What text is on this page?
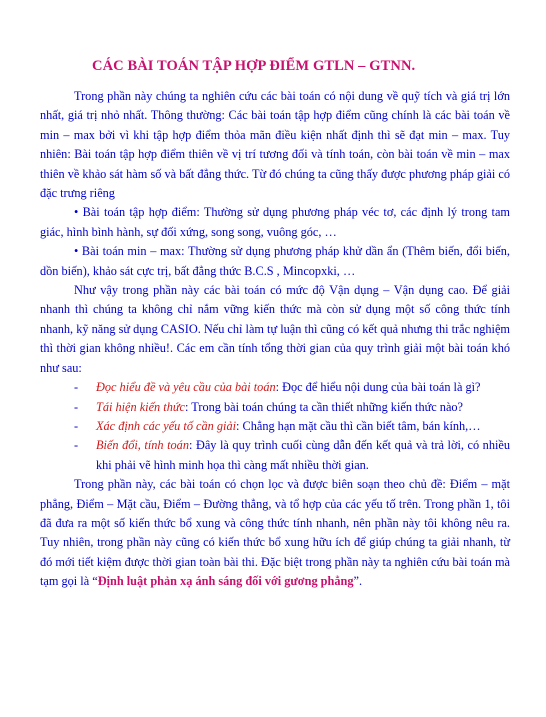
CÁC BÀI TOÁN TẬP HỢP ĐIỂM GTLN – GTNN.

Trong phần này chúng ta nghiên cứu các bài toán có nội dung về quỹ tích và giá trị lớn nhất, giá trị nhỏ nhất. Thông thường: Các bài toán tập hợp điểm cũng chính là các bài toán về min – max bởi vì khi tập hợp điểm thỏa mãn điều kiện nhất định thì sẽ đạt min – max. Tuy nhiên: Bài toán tập hợp điểm thiên về vị trí tương đối và tính toán, còn bài toán về min – max thiên về khảo sát hàm số và bất đẳng thức. Từ đó chúng ta cũng thấy được phương pháp giải có đặc trưng riêng

• Bài toán tập hợp điểm: Thường sử dụng phương pháp véc tơ, các định lý trong tam giác, hình bình hành, sự đối xứng, song song, vuông góc, …

• Bài toán min – max: Thường sử dụng phương pháp khử dần ẩn (Thêm biến, đổi biến, dồn biến), khảo sát cực trị, bất đẳng thức B.C.S , Mincopxki, …

Như vậy trong phần này các bài toán có mức độ Vận dụng – Vận dụng cao. Để giải nhanh thì chúng ta không chỉ nắm vững kiến thức mà còn sử dụng một số công thức tính nhanh, kỹ năng sử dụng CASIO. Nếu chỉ làm tự luận thì cũng có kết quả nhưng thi trắc nghiệm thì thời gian không nhiều!. Các em cần tính tổng thời gian của quy trình giải một bài toán khó như sau:

- Đọc hiểu đề và yêu cầu của bài toán: Đọc để hiểu nội dung của bài toán là gì?
- Tái hiện kiến thức: Trong bài toán chúng ta cần thiết những kiến thức nào?
- Xác định các yếu tố cần giải: Chẳng hạn mặt cầu thì cần biết tâm, bán kính,…
- Biến đổi, tính toán: Đây là quy trình cuối cùng dẫn đến kết quả và trả lời, có nhiều khi phải vẽ hình minh họa thì càng mất nhiều thời gian.

Trong phần này, các bài toán có chọn lọc và được biên soạn theo chủ đề: Điểm – mặt phẳng, Điểm – Mặt cầu, Điểm – Đường thẳng, và tổ hợp của các yếu tố trên. Trong phần 1, tôi đã đưa ra một số kiến thức bổ xung và công thức tính nhanh, nên phần này tôi không nêu ra. Tuy nhiên, trong phần này cũng có kiến thức bổ xung hữu ích để giúp chúng ta giải nhanh, từ đó mới tiết kiệm được thời gian toàn bài thi. Đặc biệt trong phần này ta nghiên cứu bài toán mà tạm gọi là “Định luật phản xạ ánh sáng đối với gương phẳng”.
